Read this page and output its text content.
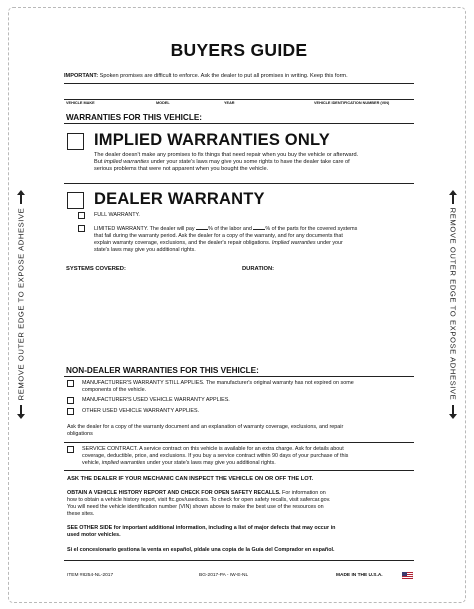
REMOVE OUTER EDGE TO EXPOSE ADHESIVE	REMOVE OUTER EDGE TO EXPOSE ADHESIVE
BUYERS GUIDE
IMPORTANT: Spoken promises are difficult to enforce. Ask the dealer to put all promises in writing. Keep this form.
VEHICLE MAKE	MODEL	YEAR	VEHICLE IDENTIFICATION NUMBER (VIN)
WARRANTIES FOR THIS VEHICLE:
IMPLIED WARRANTIES ONLY
The dealer doesn't make any promises to fix things that need repair when you buy the vehicle or afterward.
But implied warranties under your state's laws may give you some rights to have the dealer take care of
serious problems that were not apparent when you bought the vehicle.
DEALER WARRANTY
FULL WARRANTY.
LIMITED WARRANTY. The dealer will pay	% of the labor and	% of the parts for the covered systems
that fail during the warranty period. Ask the dealer for a copy of the warranty, and for any documents that
explain warranty coverage, exclusions, and the dealer's repair obligations. Implied warranties under your
state's laws may give you additional rights.
SYSTEMS COVERED:	DURATION:
NON-DEALER WARRANTIES FOR THIS VEHICLE:
MANUFACTURER'S WARRANTY STILL APPLIES. The manufacturer's original warranty has not expired on some
components of the vehicle.
MANUFACTURER'S USED VEHICLE WARRANTY APPLIES.
OTHER USED VEHICLE WARRANTY APPLIES.
Ask the dealer for a copy of the warranty document and an explanation of warranty coverage, exclusions, and repair
obligations
SERVICE CONTRACT. A service contract on this vehicle is available for an extra charge. Ask for details about
coverage, deductible, price, and exclusions. If you buy a service contract within 90 days of your purchase of this
vehicle, implied warranties under your state's laws may give you additional rights.
ASK THE DEALER IF YOUR MECHANIC CAN INSPECT THE VEHICLE ON OR OFF THE LOT.
OBTAIN A VEHICLE HISTORY REPORT AND CHECK FOR OPEN SAFETY RECALLS. For information on
how to obtain a vehicle history report, visit ftc.gov/usedcars. To check for open safety recalls, visit safercar.gov.
You will need the vehicle identification number (VIN) shown above to make the best use of the resources on
these sites.
SEE OTHER SIDE for important additional information, including a list of major defects that may occur in
used motor vehicles.
Si el concesionario gestiona la venta en español, pídale una copia de la Guía del Comprador en español.
ITEM #8254-NL-2017	BG-2017-PA - IW-E-NL	MADE IN THE U.S.A.
